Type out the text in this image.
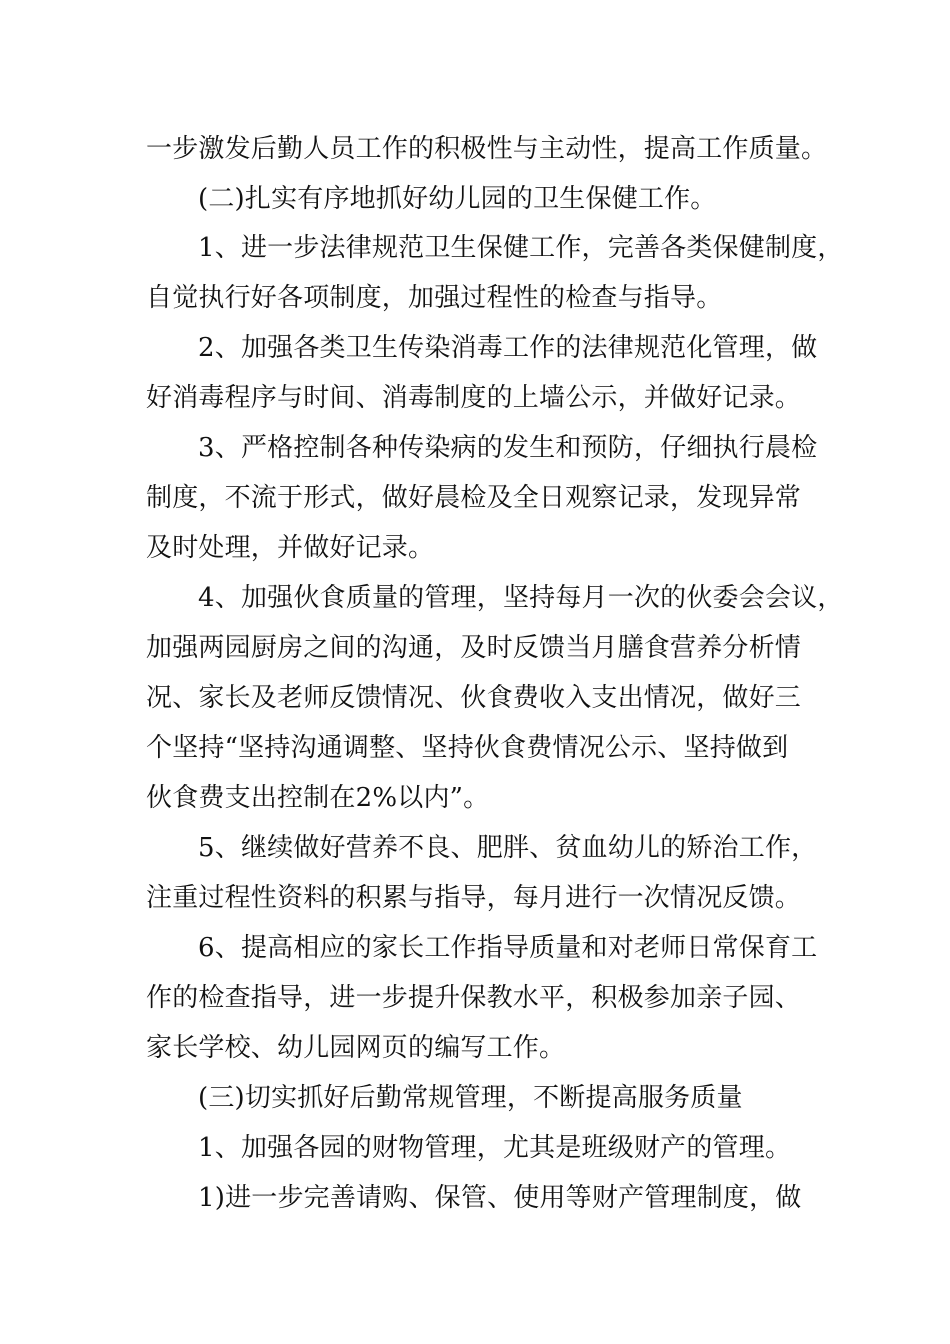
一步激发后勤人员工作的积极性与主动性，提高工作质量。
(二)扎实有序地抓好幼儿园的卫生保健工作。
1、进一步法律规范卫生保健工作，完善各类保健制度，
自觉执行好各项制度，加强过程性的检查与指导。
2、加强各类卫生传染消毒工作的法律规范化管理，做
好消毒程序与时间、消毒制度的上墙公示，并做好记录。
3、严格控制各种传染病的发生和预防，仔细执行晨检
制度，不流于形式，做好晨检及全日观察记录，发现异常
及时处理，并做好记录。
4、加强伙食质量的管理，坚持每月一次的伙委会会议，
加强两园厨房之间的沟通，及时反馈当月膳食营养分析情
况、家长及老师反馈情况、伙食费收入支出情况，做好三
个坚持“坚持沟通调整、坚持伙食费情况公示、坚持做到
伙食费支出控制在2%以内”。
5、继续做好营养不良、肥胖、贫血幼儿的矫治工作，
注重过程性资料的积累与指导，每月进行一次情况反馈。
6、提高相应的家长工作指导质量和对老师日常保育工
作的检查指导，进一步提升保教水平，积极参加亲子园、
家长学校、幼儿园网页的编写工作。
(三)切实抓好后勤常规管理，不断提高服务质量
1、加强各园的财物管理，尤其是班级财产的管理。
1)进一步完善请购、保管、使用等财产管理制度，做
